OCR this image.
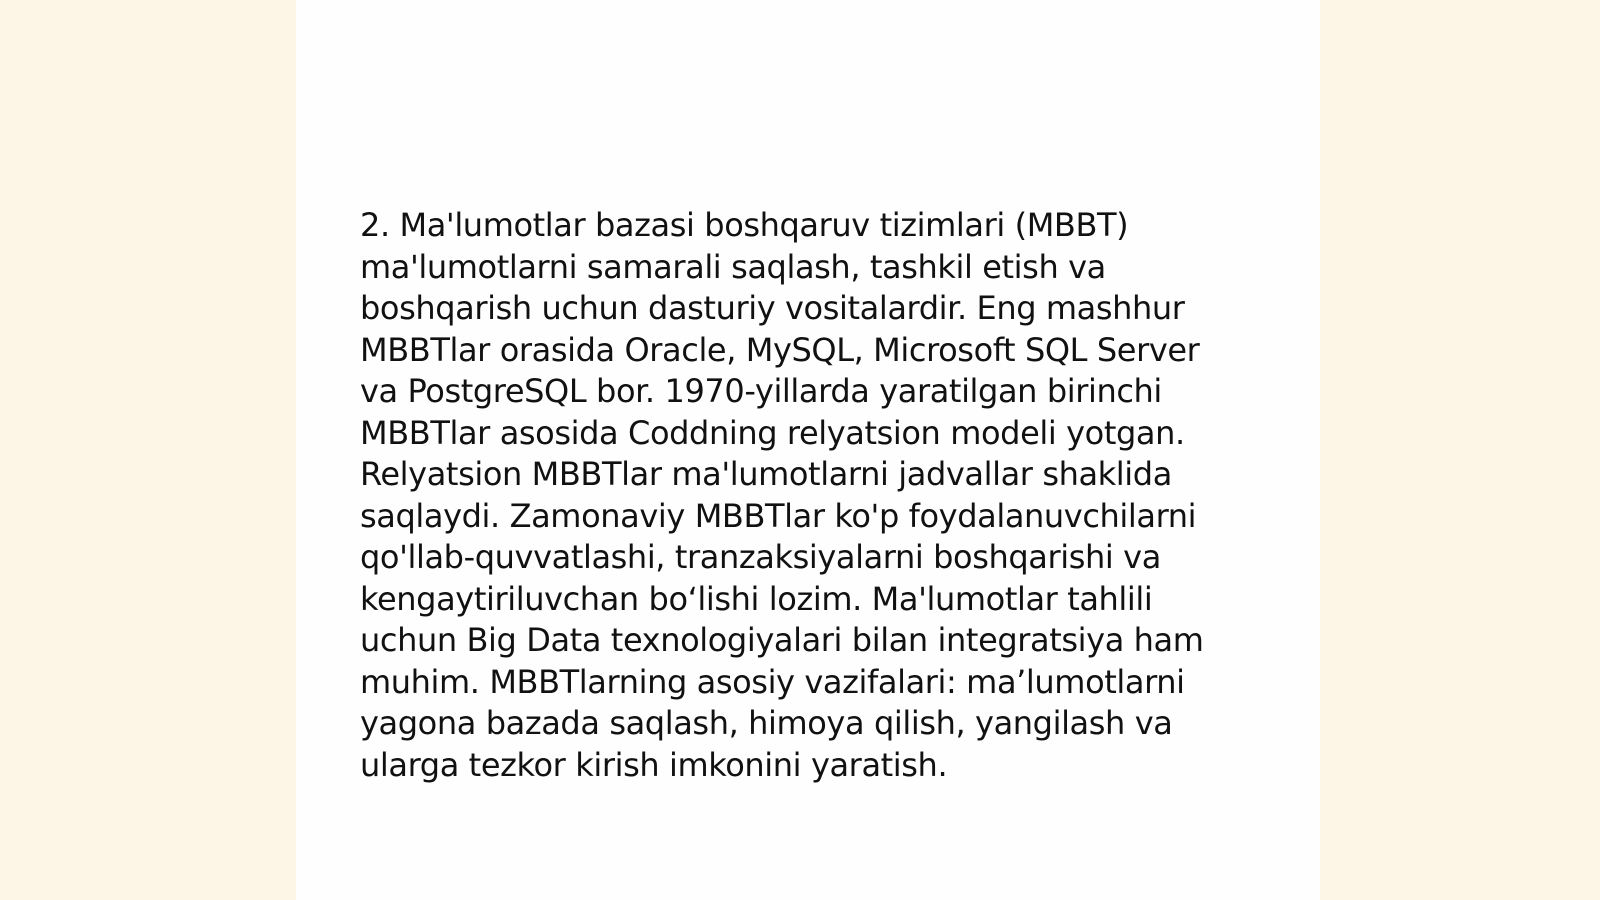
2. Ma'lumotlar bazasi boshqaruv tizimlari (MBBT)
ma'lumotlarni samarali saqlash, tashkil etish va
boshqarish uchun dasturiy vositalardir. Eng mashhur
MBBTlar orasida Oracle, MySQL, Microsoft SQL Server
va PostgreSQL bor. 1970-yillarda yaratilgan birinchi
MBBTlar asosida Coddning relyatsion modeli yotgan.
Relyatsion MBBTlar ma'lumotlarni jadvallar shaklida
saqlaydi. Zamonaviy MBBTlar ko'p foydalanuvchilarni
qo'llab-quvvatlashi, tranzaksiyalarni boshqarishi va
kengaytiriluvchan bo‘lishi lozim. Ma'lumotlar tahlili
uchun Big Data texnologiyalari bilan integratsiya ham
muhim. MBBTlarning asosiy vazifalari: ma’lumotlarni
yagona bazada saqlash, himoya qilish, yangilash va
ularga tezkor kirish imkonini yaratish.
